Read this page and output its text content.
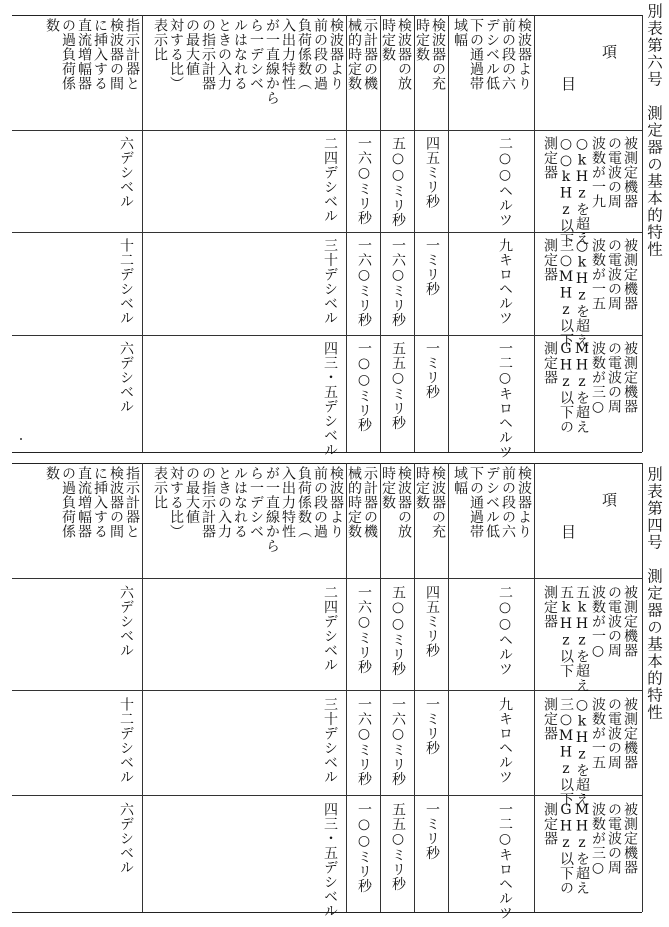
別表第六号　測定器の基本的特性
項
目
検波器より
前の段の六
デシベル低
下の通過帯
域幅
検波器の充
時定数
検波器の放
時定数
示計器の機
械的時定数
検波器より
前の段の過
負荷係数（
入出力特性
が一直線から
ら一デシベ
ルはなれる
ときの入力
の指示計器
の最大値
対する比）
表示比
指示計器と
検波器の間
に挿入する
直流増幅器
の過負荷係
数
被測定機器
の電波の周
波数が一九
○kHzを超え
○○kHz以下
測定器
二○○ヘルツ
四五ミリ秒
五○○ミリ秒
一六○ミリ秒
二四デシベル
六デシベル
被測定機器
の電波の周
波数が一五
○kHzを超え
三○MHz以下
測定器
九キロヘルツ
一ミリ秒
一六○ミリ秒
一六○ミリ秒
三十デシベル
十二デシベル
被測定機器
の電波の周
波数が三○
MHzを超え
GHz以下の
測定器
一二○キロヘルツ
一ミリ秒
五五○ミリ秒
一○○ミリ秒
四三・五デシベル
六デシベル
別表第四号　測定器の基本的特性
項
目
検波器より
前の段の六
デシベル低
下の通過帯
域幅
検波器の充
時定数
検波器の放
時定数
示計器の機
械的時定数
検波器より
前の段の過
負荷係数（
入出力特性
が一直線から
ら一デシベ
ルはなれる
ときの入力
の指示計器
の最大値
対する比）
表示比
指示計器と
検波器の間
に挿入する
直流増幅器
の過負荷係
数
被測定機器
の電波の周
波数が一○
五kHzを超え
五kHz以下
測定器
二○○ヘルツ
四五ミリ秒
五○○ミリ秒
一六○ミリ秒
二四デシベル
六デシベル
被測定機器
の電波の周
波数が一五
○kHzを超え
三○MHz以下
測定器
九キロヘルツ
一ミリ秒
一六○ミリ秒
一六○ミリ秒
三十デシベル
十二デシベル
被測定機器
の電波の周
波数が三○
MHzを超え
GHz以下の
測定器
一二○キロヘルツ
一ミリ秒
五五○ミリ秒
一○○ミリ秒
四三・五デシベル
六デシベル
